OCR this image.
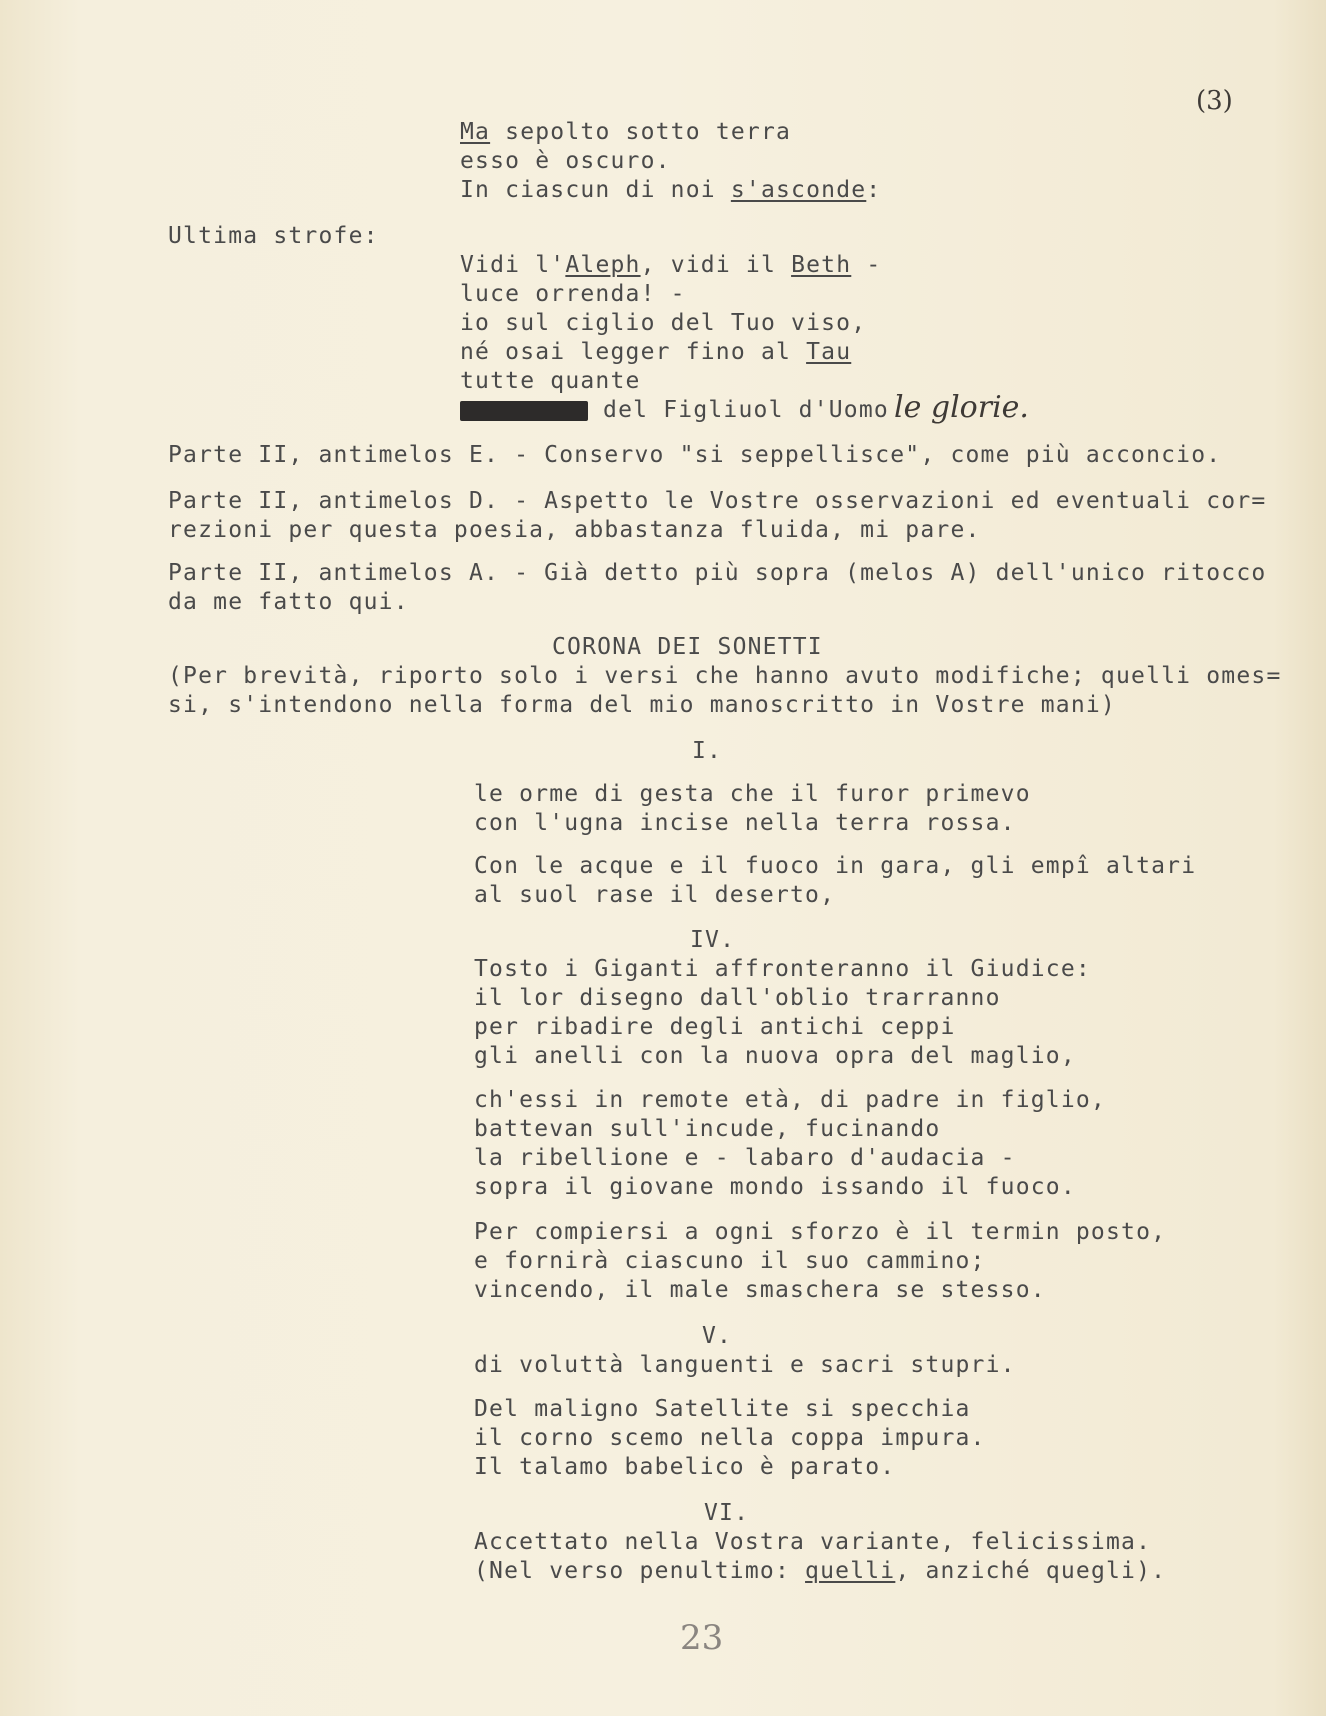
(3)
Ma sepolto sotto terra
esso è oscuro.
In ciascun di noi s'asconde:
Ultima strofe:
Vidi l'Aleph, vidi il Beth -
luce orrenda! -
io sul ciglio del Tuo viso,
né osai legger fino al Tau
tutte quante
del Figliuol d'Uomo le glorie.
Parte II, antimelos E. - Conservo "si seppellisce", come più acconcio.
Parte II, antimelos D. - Aspetto le Vostre osservazioni ed eventuali cor=
rezioni per questa poesia, abbastanza fluida, mi pare.
Parte II, antimelos A. - Già detto più sopra (melos A) dell'unico ritocco
da me fatto qui.
CORONA DEI SONETTI
(Per brevità, riporto solo i versi che hanno avuto modifiche; quelli omes=
si, s'intendono nella forma del mio manoscritto in Vostre mani)
I.
le orme di gesta che il furor primevo
con l'ugna incise nella terra rossa.
Con le acque e il fuoco in gara, gli empî altari
al suol rase il deserto,
IV.
Tosto i Giganti affronteranno il Giudice:
il lor disegno dall'oblio trarranno
per ribadire degli antichi ceppi
gli anelli con la nuova opra del maglio,
ch'essi in remote età, di padre in figlio,
battevan sull'incude, fucinando
la ribellione e - labaro d'audacia -
sopra il giovane mondo issando il fuoco.
Per compiersi a ogni sforzo è il termin posto,
e fornirà ciascuno il suo cammino;
vincendo, il male smaschera se stesso.
V.
di voluttà languenti e sacri stupri.
Del maligno Satellite si specchia
il corno scemo nella coppa impura.
Il talamo babelico è parato.
VI.
Accettato nella Vostra variante, felicissima.
(Nel verso penultimo: quelli, anziché quegli).
23
